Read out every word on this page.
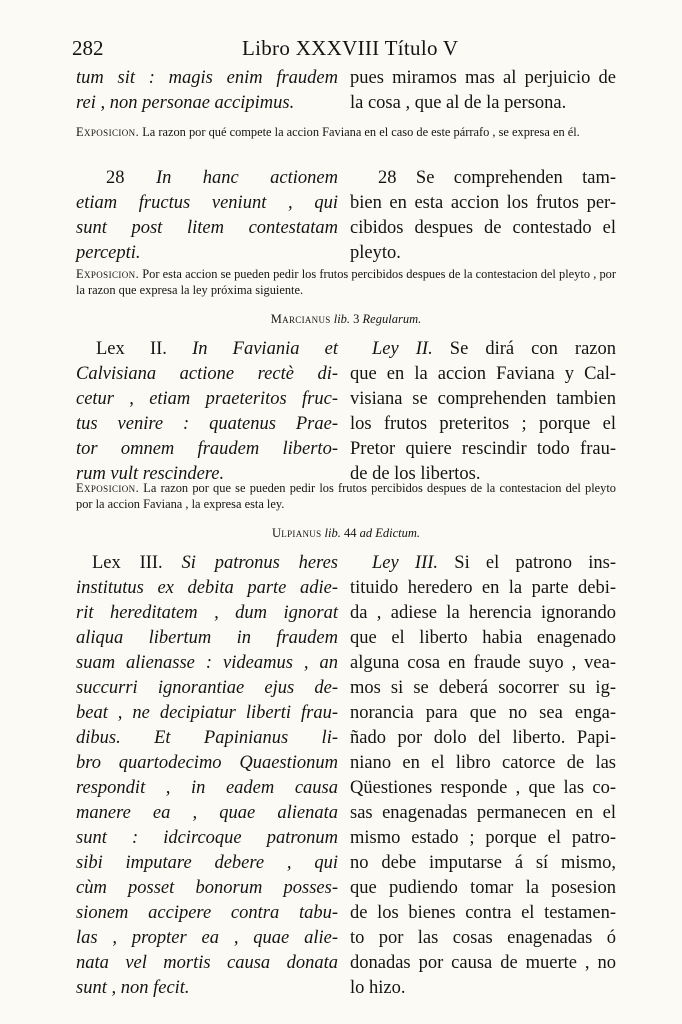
282	Libro XXXVIII Título V
tum sit : magis enim fraudem
rei , non personae accipimus.
pues miramos mas al perjuicio de
la cosa , que al de la persona.
Exposicion. La razon por qué compete la accion Faviana en el caso de este párrafo , se expresa en él.
28 In hanc actionem
etiam fructus veniunt , qui
sunt post litem contestatam
percepti.
28 Se comprehenden tam-
bien en esta accion los frutos per-
cibidos despues de contestado el
pleyto.
Exposicion. Por esta accion se pueden pedir los frutos percibidos despues de la contestacion del pleyto , por la razon que expresa la ley próxima siguiente.
Marcianus lib. 3 Regularum.
Lex II. In Faviania et
Calvisiana actione rectè di-
cetur , etiam praeteritos fruc-
tus venire : quatenus Prae-
tor omnem fraudem liberto-
rum vult rescindere.
Ley II. Se dirá con razon
que en la accion Faviana y Cal-
visiana se comprehenden tambien
los frutos preteritos ; porque el
Pretor quiere rescindir todo frau-
de de los libertos.
Exposicion. La razon por que se pueden pedir los frutos percibidos despues de la contestacion del pleyto por la accion Faviana , la expresa esta ley.
Ulpianus lib. 44 ad Edictum.
Lex III. Si patronus heres
institutus ex debita parte adie-
rit hereditatem , dum ignorat
aliqua libertum in fraudem
suam alienasse : videamus , an
succurri ignorantiae ejus de-
beat , ne decipiatur liberti frau-
dibus. Et Papinianus li-
bro quartodecimo Quaestionum
respondit , in eadem causa
manere ea , quae alienata
sunt : idcircoque patronum
sibi imputare debere , qui
cùm posset bonorum posses-
sionem accipere contra tabu-
las , propter ea , quae alie-
nata vel mortis causa donata
sunt , non fecit.
Ley III. Si el patrono ins-
tituido heredero en la parte debi-
da , adiese la herencia ignorando
que el liberto habia enagenado
alguna cosa en fraude suyo , vea-
mos si se deberá socorrer su ig-
norancia para que no sea enga-
ñado por dolo del liberto. Papi-
niano en el libro catorce de las
Qüestiones responde , que las co-
sas enagenadas permanecen en el
mismo estado ; porque el patro-
no debe imputarse á sí mismo,
que pudiendo tomar la posesion
de los bienes contra el testamen-
to por las cosas enagenadas ó
donadas por causa de muerte , no
lo hizo.
